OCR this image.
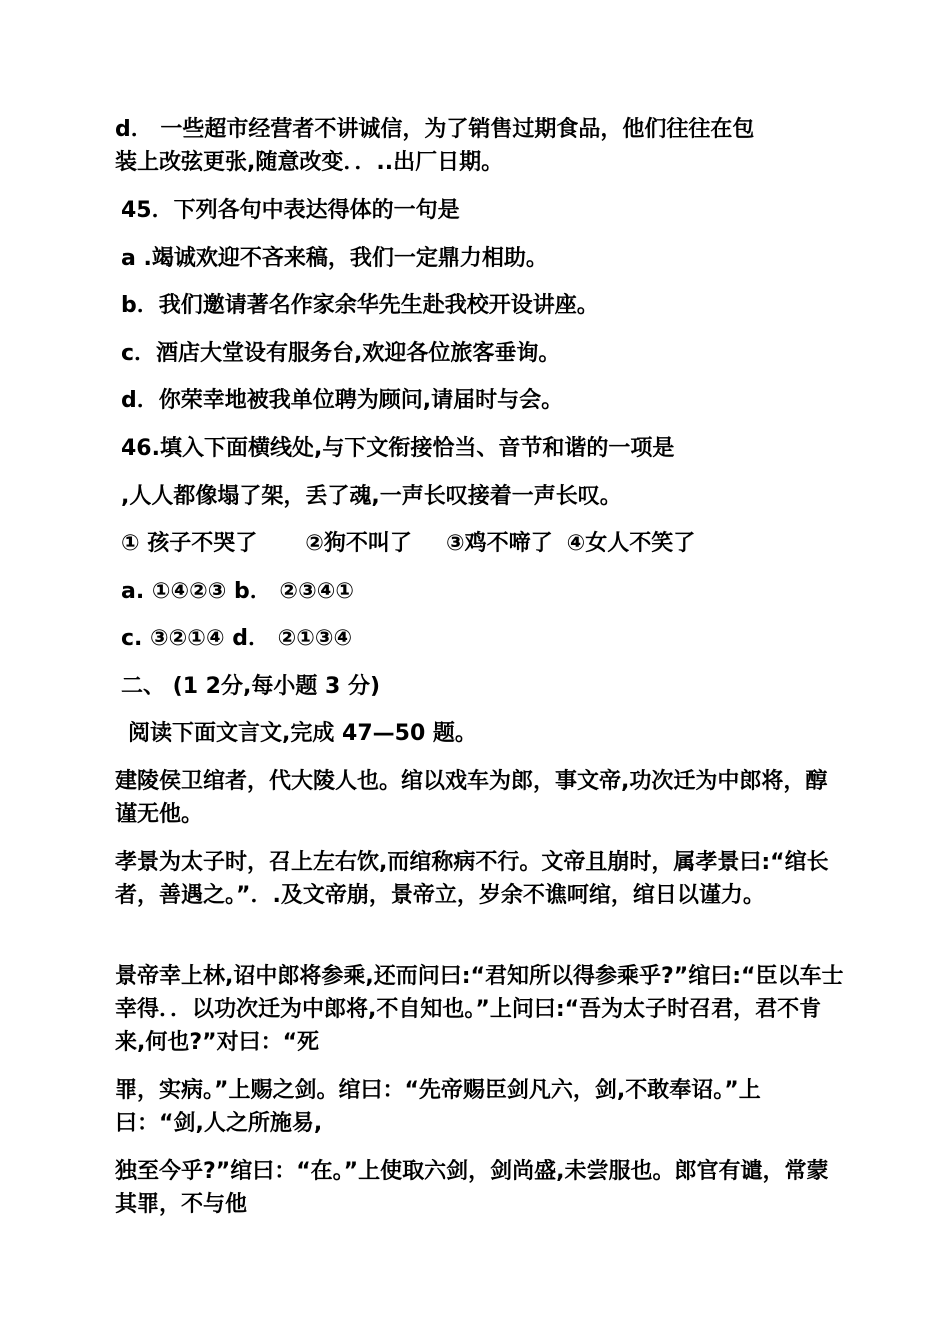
d． 一些超市经营者不讲诚信，为了销售过期食品，他们往往在包
装上改弦更张,随意改变．．..出厂日期。
45．下列各句中表达得体的一句是
a .竭诚欢迎不吝来稿，我们一定鼎力相助。
b．我们邀请著名作家余华先生赴我校开设讲座。
c．酒店大堂设有服务台,欢迎各位旅客垂询。
d．你荣幸地被我单位聘为顾问,请届时与会。
46.填入下面横线处,与下文衔接恰当、音节和谐的一项是
,人人都像塌了架，丢了魂,一声长叹接着一声长叹。
① 孩子不哭了 ②狗不叫了 ③鸡不啼了 ④女人不笑了
a. ①④②③ b． ②③④①
c. ③②①④ d． ②①③④
二、 (1 2分,每小题 3 分)
阅读下面文言文,完成 47—50 题。
建陵侯卫绾者，代大陵人也。绾以戏车为郎，事文帝,功次迁为中郎将，醇谨无他。
孝景为太子时，召上左右饮,而绾称病不行。文帝且崩时，属孝景曰:“绾长者，善遇之。”．.及文帝崩，景帝立，岁余不谯呵绾，绾日以谨力。
景帝幸上林,诏中郎将参乘,还而问曰:“君知所以得参乘乎?”绾曰:“臣以车士幸得．．以功次迁为中郎将,不自知也。”上问曰:“吾为太子时召君，君不肯来,何也?”对曰：“死
罪，实病。”上赐之剑。绾曰：“先帝赐臣剑凡六，剑,不敢奉诏。”上曰：“剑,人之所施易,
独至今乎?”绾曰：“在。”上使取六剑，剑尚盛,未尝服也。郎官有谴，常蒙其罪，不与他
